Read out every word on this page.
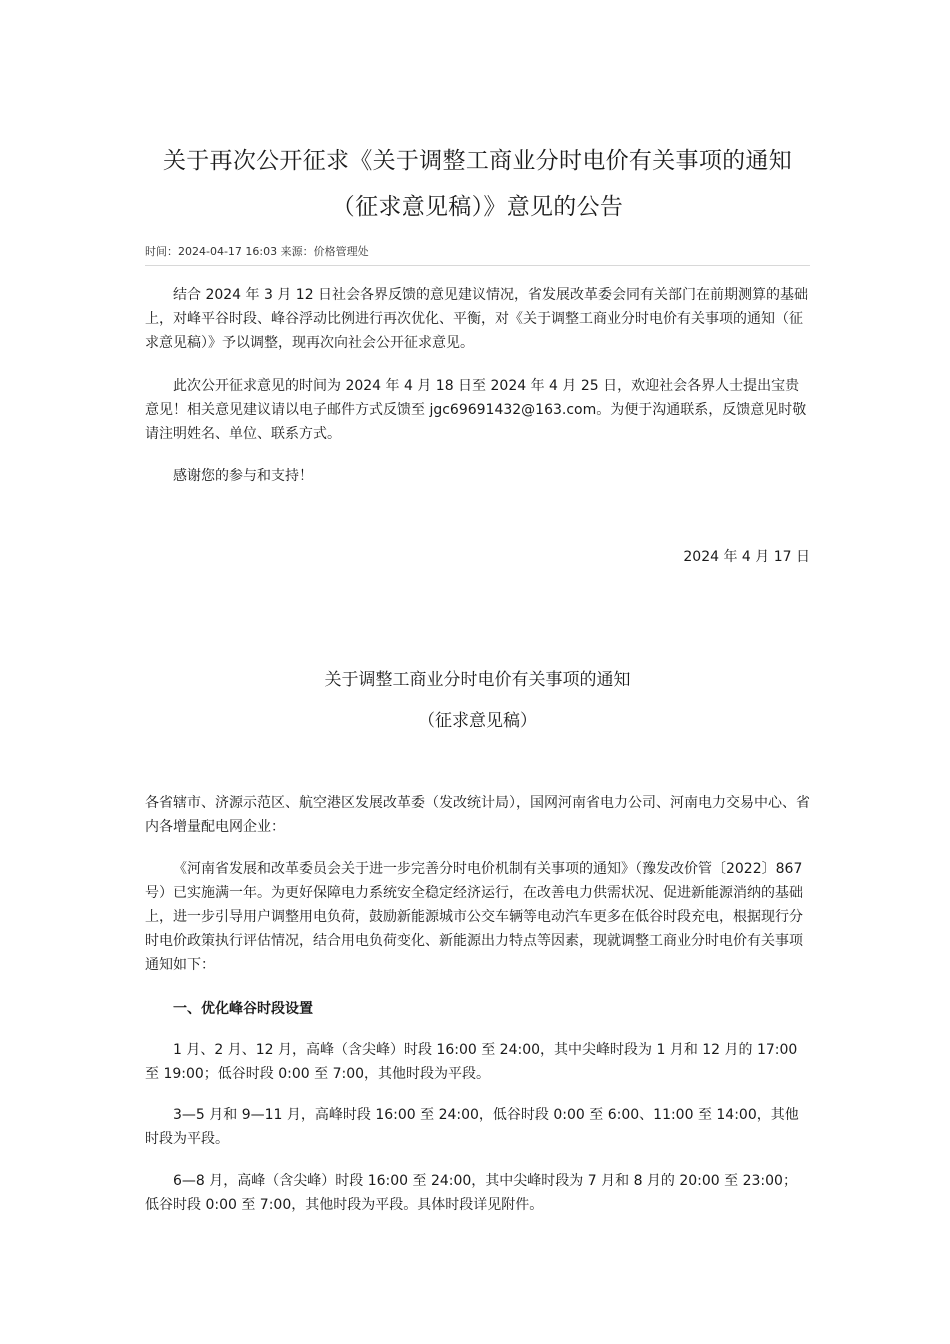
关于再次公开征求《关于调整工商业分时电价有关事项的通知
（征求意见稿）》意见的公告
时间：2024-04-17 16:03 来源：价格管理处

结合 2024 年 3 月 12 日社会各界反馈的意见建议情况，省发展改革委会同有关部门在前期测算的基础上，对峰平谷时段、峰谷浮动比例进行再次优化、平衡，对《关于调整工商业分时电价有关事项的通知（征求意见稿）》予以调整，现再次向社会公开征求意见。

此次公开征求意见的时间为 2024 年 4 月 18 日至 2024 年 4 月 25 日，欢迎社会各界人士提出宝贵意见！相关意见建议请以电子邮件方式反馈至 jgc69691432@163.com。为便于沟通联系，反馈意见时敬请注明姓名、单位、联系方式。

感谢您的参与和支持！

2024 年 4 月 17 日

关于调整工商业分时电价有关事项的通知
（征求意见稿）

各省辖市、济源示范区、航空港区发展改革委（发改统计局），国网河南省电力公司、河南电力交易中心、省内各增量配电网企业：

《河南省发展和改革委员会关于进一步完善分时电价机制有关事项的通知》（豫发改价管〔2022〕867 号）已实施满一年。为更好保障电力系统安全稳定经济运行，在改善电力供需状况、促进新能源消纳的基础上，进一步引导用户调整用电负荷，鼓励新能源城市公交车辆等电动汽车更多在低谷时段充电，根据现行分时电价政策执行评估情况，结合用电负荷变化、新能源出力特点等因素，现就调整工商业分时电价有关事项通知如下：

一、优化峰谷时段设置

1 月、2 月、12 月，高峰（含尖峰）时段 16:00 至 24:00，其中尖峰时段为 1 月和 12 月的 17:00 至 19:00；低谷时段 0:00 至 7:00，其他时段为平段。

3—5 月和 9—11 月，高峰时段 16:00 至 24:00，低谷时段 0:00 至 6:00、11:00 至 14:00，其他时段为平段。

6—8 月，高峰（含尖峰）时段 16:00 至 24:00，其中尖峰时段为 7 月和 8 月的 20:00 至 23:00；低谷时段 0:00 至 7:00，其他时段为平段。具体时段详见附件。
